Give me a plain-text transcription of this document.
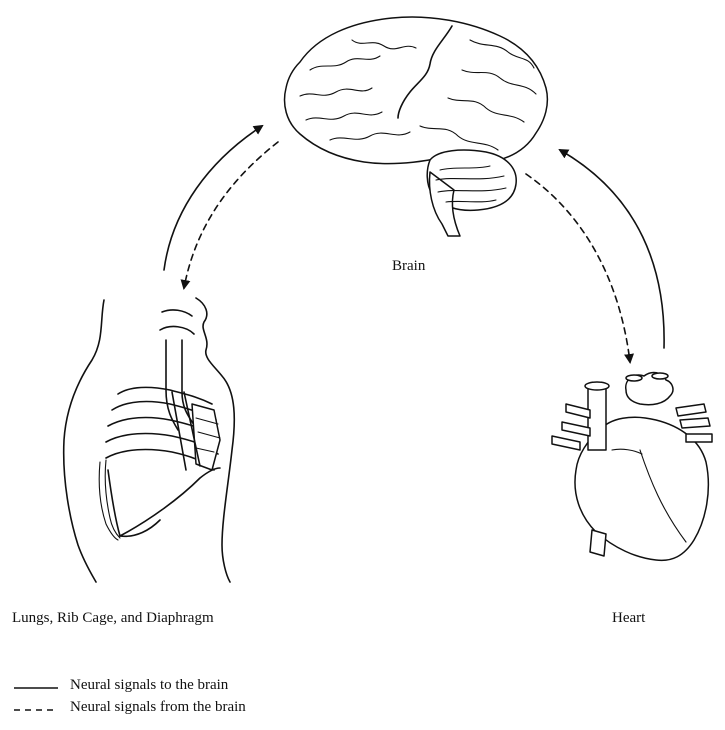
Brain
Lungs, Rib Cage, and Diaphragm	Heart
Neural signals to the brain
Neural signals from the brain
